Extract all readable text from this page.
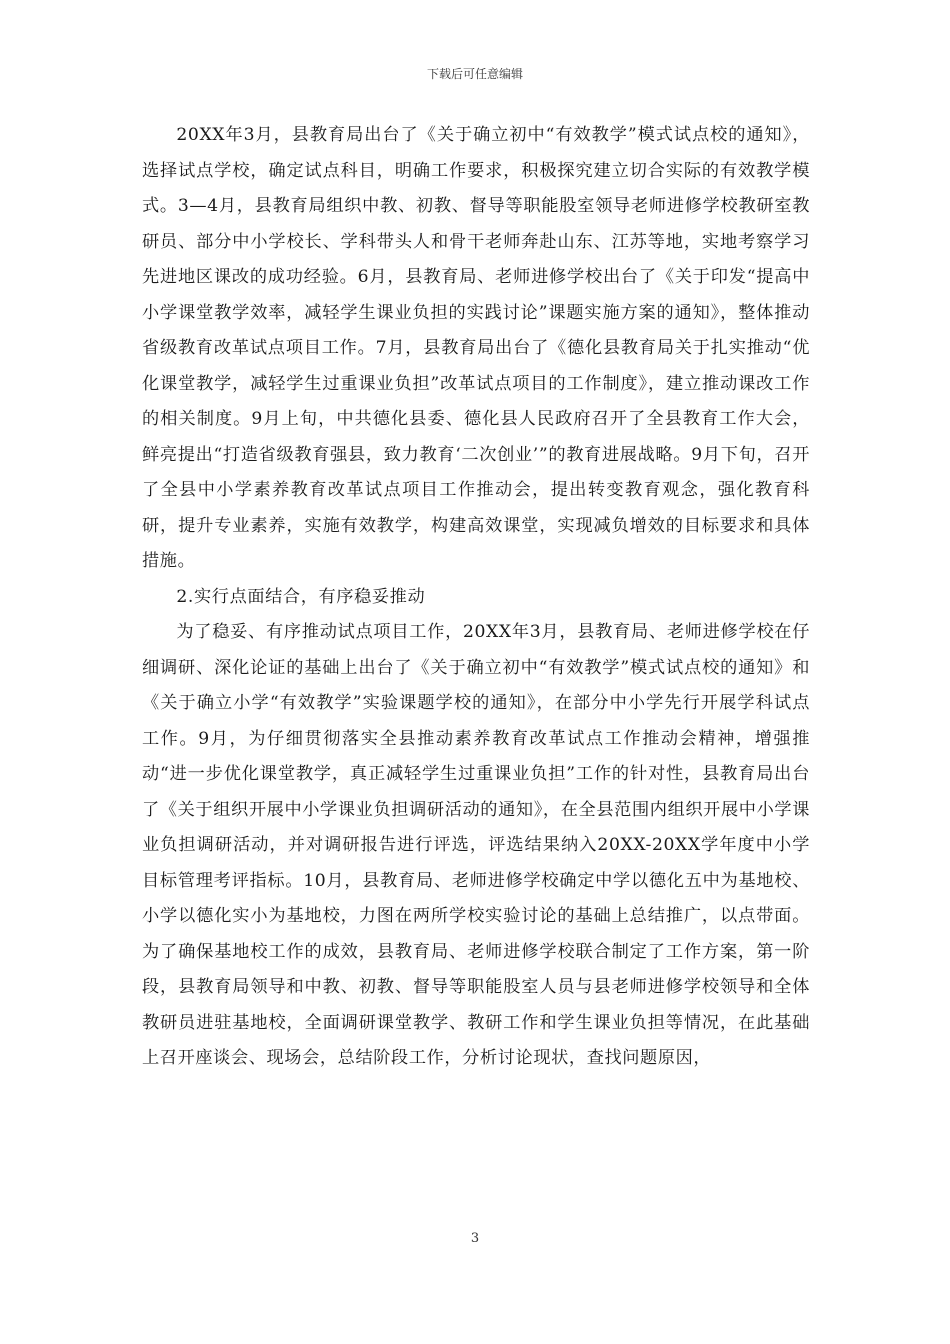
下载后可任意编辑

20XX年3月，县教育局出台了《关于确立初中“有效教学”模式试点校的通知》，选择试点学校，确定试点科目，明确工作要求，积极探究建立切合实际的有效教学模式。3—4月，县教育局组织中教、初教、督导等职能股室领导老师进修学校教研室教研员、部分中小学校长、学科带头人和骨干老师奔赴山东、江苏等地，实地考察学习先进地区课改的成功经验。6月，县教育局、老师进修学校出台了《关于印发“提高中小学课堂教学效率，减轻学生课业负担的实践讨论”课题实施方案的通知》，整体推动省级教育改革试点项目工作。7月，县教育局出台了《德化县教育局关于扎实推动“优化课堂教学，减轻学生过重课业负担”改革试点项目的工作制度》，建立推动课改工作的相关制度。9月上旬，中共德化县委、德化县人民政府召开了全县教育工作大会，鲜亮提出“打造省级教育强县，致力教育‘二次创业’”的教育进展战略。9月下旬，召开了全县中小学素养教育改革试点项目工作推动会，提出转变教育观念，强化教育科研，提升专业素养，实施有效教学，构建高效课堂，实现减负增效的目标要求和具体措施。

2.实行点面结合，有序稳妥推动

为了稳妥、有序推动试点项目工作，20XX年3月，县教育局、老师进修学校在仔细调研、深化论证的基础上出台了《关于确立初中“有效教学”模式试点校的通知》和《关于确立小学“有效教学”实验课题学校的通知》，在部分中小学先行开展学科试点工作。9月，为仔细贯彻落实全县推动素养教育改革试点工作推动会精神，增强推动“进一步优化课堂教学，真正减轻学生过重课业负担”工作的针对性，县教育局出台了《关于组织开展中小学课业负担调研活动的通知》，在全县范围内组织开展中小学课业负担调研活动，并对调研报告进行评选，评选结果纳入20XX-20XX学年度中小学目标管理考评指标。10月，县教育局、老师进修学校确定中学以德化五中为基地校、小学以德化实小为基地校，力图在两所学校实验讨论的基础上总结推广，以点带面。为了确保基地校工作的成效，县教育局、老师进修学校联合制定了工作方案，第一阶段，县教育局领导和中教、初教、督导等职能股室人员与县老师进修学校领导和全体教研员进驻基地校，全面调研课堂教学、教研工作和学生课业负担等情况，在此基础上召开座谈会、现场会，总结阶段工作，分析讨论现状，查找问题原因，

3
